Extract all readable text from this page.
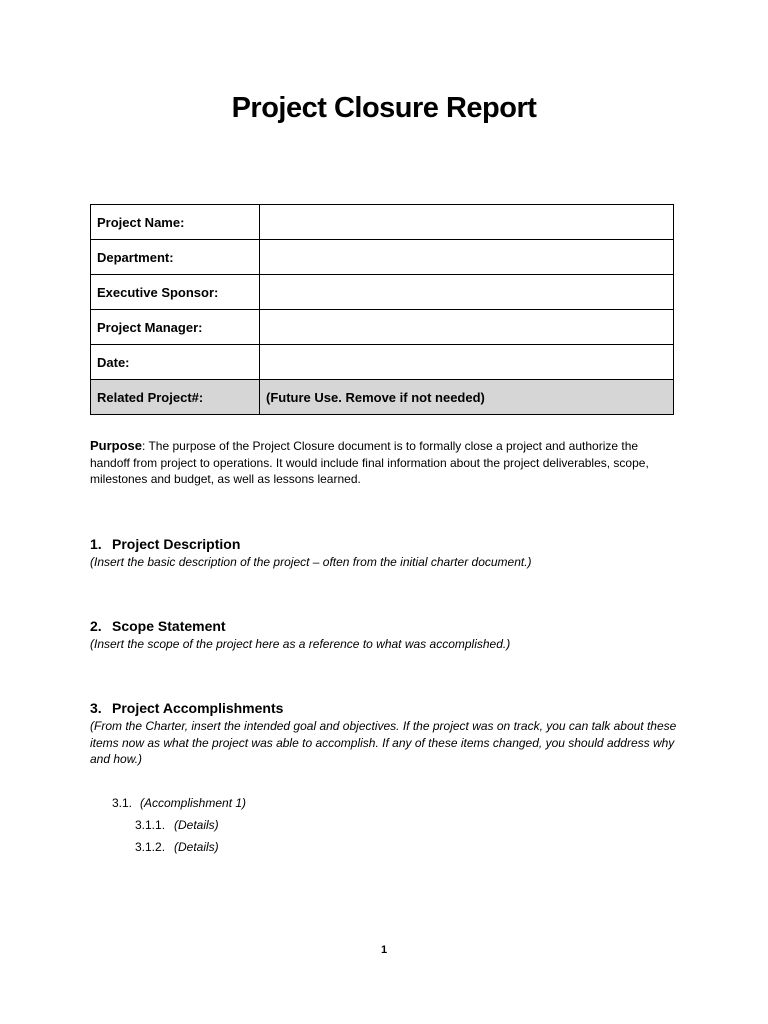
Project Closure Report
Project Name:	
Department:	
Executive Sponsor:	
Project Manager:	
Date:	
Related Project#:	(Future Use. Remove if not needed)
Purpose: The purpose of the Project Closure document is to formally close a project and authorize the handoff from project to operations. It would include final information about the project deliverables, scope, milestones and budget, as well as lessons learned.
1. Project Description
(Insert the basic description of the project – often from the initial charter document.)
2. Scope Statement
(Insert the scope of the project here as a reference to what was accomplished.)
3. Project Accomplishments
(From the Charter, insert the intended goal and objectives. If the project was on track, you can talk about these items now as what the project was able to accomplish. If any of these items changed, you should address why and how.)
3.1. (Accomplishment 1)
3.1.1. (Details)
3.1.2. (Details)
1
